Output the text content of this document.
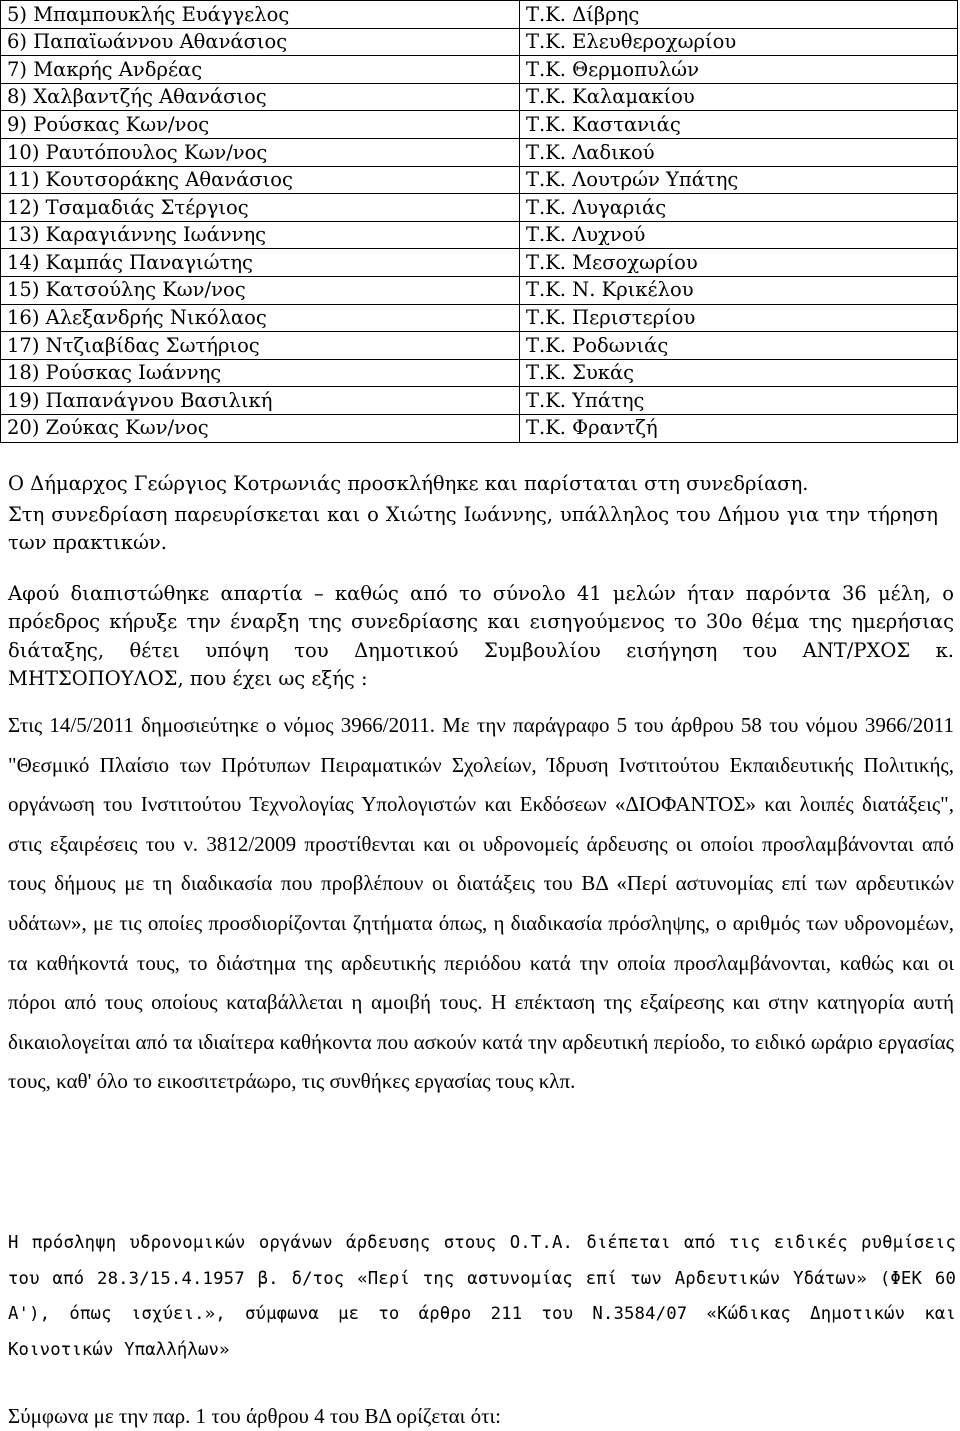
5) Μπαμπουκλής Ευάγγελος	Τ.Κ. Δίβρης
6) Παπαϊωάννου Αθανάσιος	Τ.Κ. Ελευθεροχωρίου
7) Μακρής Ανδρέας	Τ.Κ. Θερμοπυλών
8) Χαλβαντζής Αθανάσιος	Τ.Κ. Καλαμακίου
9) Ρούσκας Κων/νος	Τ.Κ. Καστανιάς
10) Ραυτόπουλος Κων/νος	Τ.Κ. Λαδικού
11) Κουτσοράκης Αθανάσιος	Τ.Κ. Λουτρών Υπάτης
12) Τσαμαδιάς Στέργιος	Τ.Κ. Λυγαριάς
13) Καραγιάννης Ιωάννης	Τ.Κ. Λυχνού
14) Καμπάς Παναγιώτης	Τ.Κ. Μεσοχωρίου
15) Κατσούλης Κων/νος	Τ.Κ. Ν. Κρικέλου
16) Αλεξανδρής Νικόλαος	Τ.Κ. Περιστερίου
17) Ντζιαβίδας Σωτήριος	Τ.Κ. Ροδωνιάς
18) Ρούσκας Ιωάννης	Τ.Κ. Συκάς
19) Παπανάγνου Βασιλική	Τ.Κ. Υπάτης
20) Ζούκας Κων/νος	Τ.Κ. Φραντζή

Ο Δήμαρχος Γεώργιος Κοτρωνιάς προσκλήθηκε και παρίσταται στη συνεδρίαση.

Στη συνεδρίαση παρευρίσκεται και ο Χιώτης Ιωάννης, υπάλληλος του Δήμου για την τήρηση των πρακτικών.

Αφού διαπιστώθηκε απαρτία – καθώς από το σύνολο 41 μελών ήταν παρόντα 36 μέλη, ο πρόεδρος κήρυξε την έναρξη της συνεδρίασης και εισηγούμενος το 30ο θέμα της ημερήσιας διάταξης, θέτει υπόψη του Δημοτικού Συμβουλίου εισήγηση του ΑΝΤ/ΡΧΟΣ κ. ΜΗΤΣΟΠΟΥΛΟΣ, που έχει ως εξής :

Στις 14/5/2011 δημοσιεύτηκε ο νόμος 3966/2011. Με την παράγραφο 5 του άρθρου 58 του νόμου 3966/2011 "Θεσμικό Πλαίσιο των Πρότυπων Πειραματικών Σχολείων, Ίδρυση Ινστιτούτου Εκπαιδευτικής Πολιτικής, οργάνωση του Ινστιτούτου Τεχνολογίας Υπολογιστών και Εκδόσεων «ΔΙΟΦΑΝΤΟΣ» και λοιπές διατάξεις", στις εξαιρέσεις του ν. 3812/2009 προστίθενται και οι υδρονομείς άρδευσης οι οποίοι προσλαμβάνονται από τους δήμους με τη διαδικασία που προβλέπουν οι διατάξεις του ΒΔ «Περί αστυνομίας επί των αρδευτικών υδάτων», με τις οποίες προσδιορίζονται ζητήματα όπως, η διαδικασία πρόσληψης, ο αριθμός των υδρονομέων, τα καθήκοντά τους, το διάστημα της αρδευτικής περιόδου κατά την οποία προσλαμβάνονται, καθώς και οι πόροι από τους οποίους καταβάλλεται η αμοιβή τους. Η επέκταση της εξαίρεσης και στην κατηγορία αυτή δικαιολογείται από τα ιδιαίτερα καθήκοντα που ασκούν κατά την αρδευτική περίοδο, το ειδικό ωράριο εργασίας τους, καθ' όλο το εικοσιτετράωρο, τις συνθήκες εργασίας τους κλπ.

Η πρόσληψη υδρονομικών οργάνων άρδευσης στους Ο.Τ.Α. διέπεται από τις ειδικές ρυθμίσεις του από 28.3/15.4.1957 β. δ/τος «Περί της αστυνομίας επί των Αρδευτικών Υδάτων» (ΦΕΚ 60 Α'), όπως ισχύει.», σύμφωνα με το άρθρο 211 του Ν.3584/07 «Κώδικας Δημοτικών και Κοινοτικών Υπαλλήλων»

Σύμφωνα με την παρ. 1 του άρθρου 4 του ΒΔ ορίζεται ότι:
